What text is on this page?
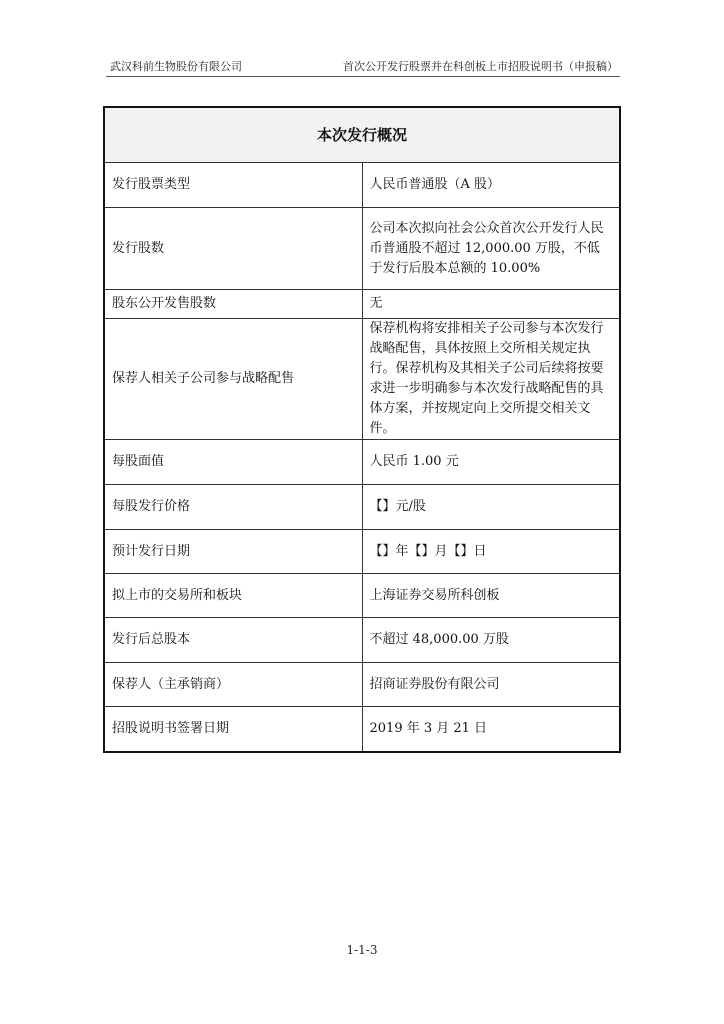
武汉科前生物股份有限公司	首次公开发行股票并在科创板上市招股说明书（申报稿）
本次发行概况	
发行股票类型	人民币普通股（A 股）
发行股数	公司本次拟向社会公众首次公开发行人民币普通股不超过 12,000.00 万股，不低于发行后股本总额的 10.00%
股东公开发售股数	无
保荐人相关子公司参与战略配售	保荐机构将安排相关子公司参与本次发行战略配售，具体按照上交所相关规定执行。保荐机构及其相关子公司后续将按要求进一步明确参与本次发行战略配售的具体方案，并按规定向上交所提交相关文件。
每股面值	人民币 1.00 元
每股发行价格	【】元/股
预计发行日期	【】年【】月【】日
拟上市的交易所和板块	上海证券交易所科创板
发行后总股本	不超过 48,000.00 万股
保荐人（主承销商）	招商证券股份有限公司
招股说明书签署日期	2019 年 3 月 21 日
1-1-3
